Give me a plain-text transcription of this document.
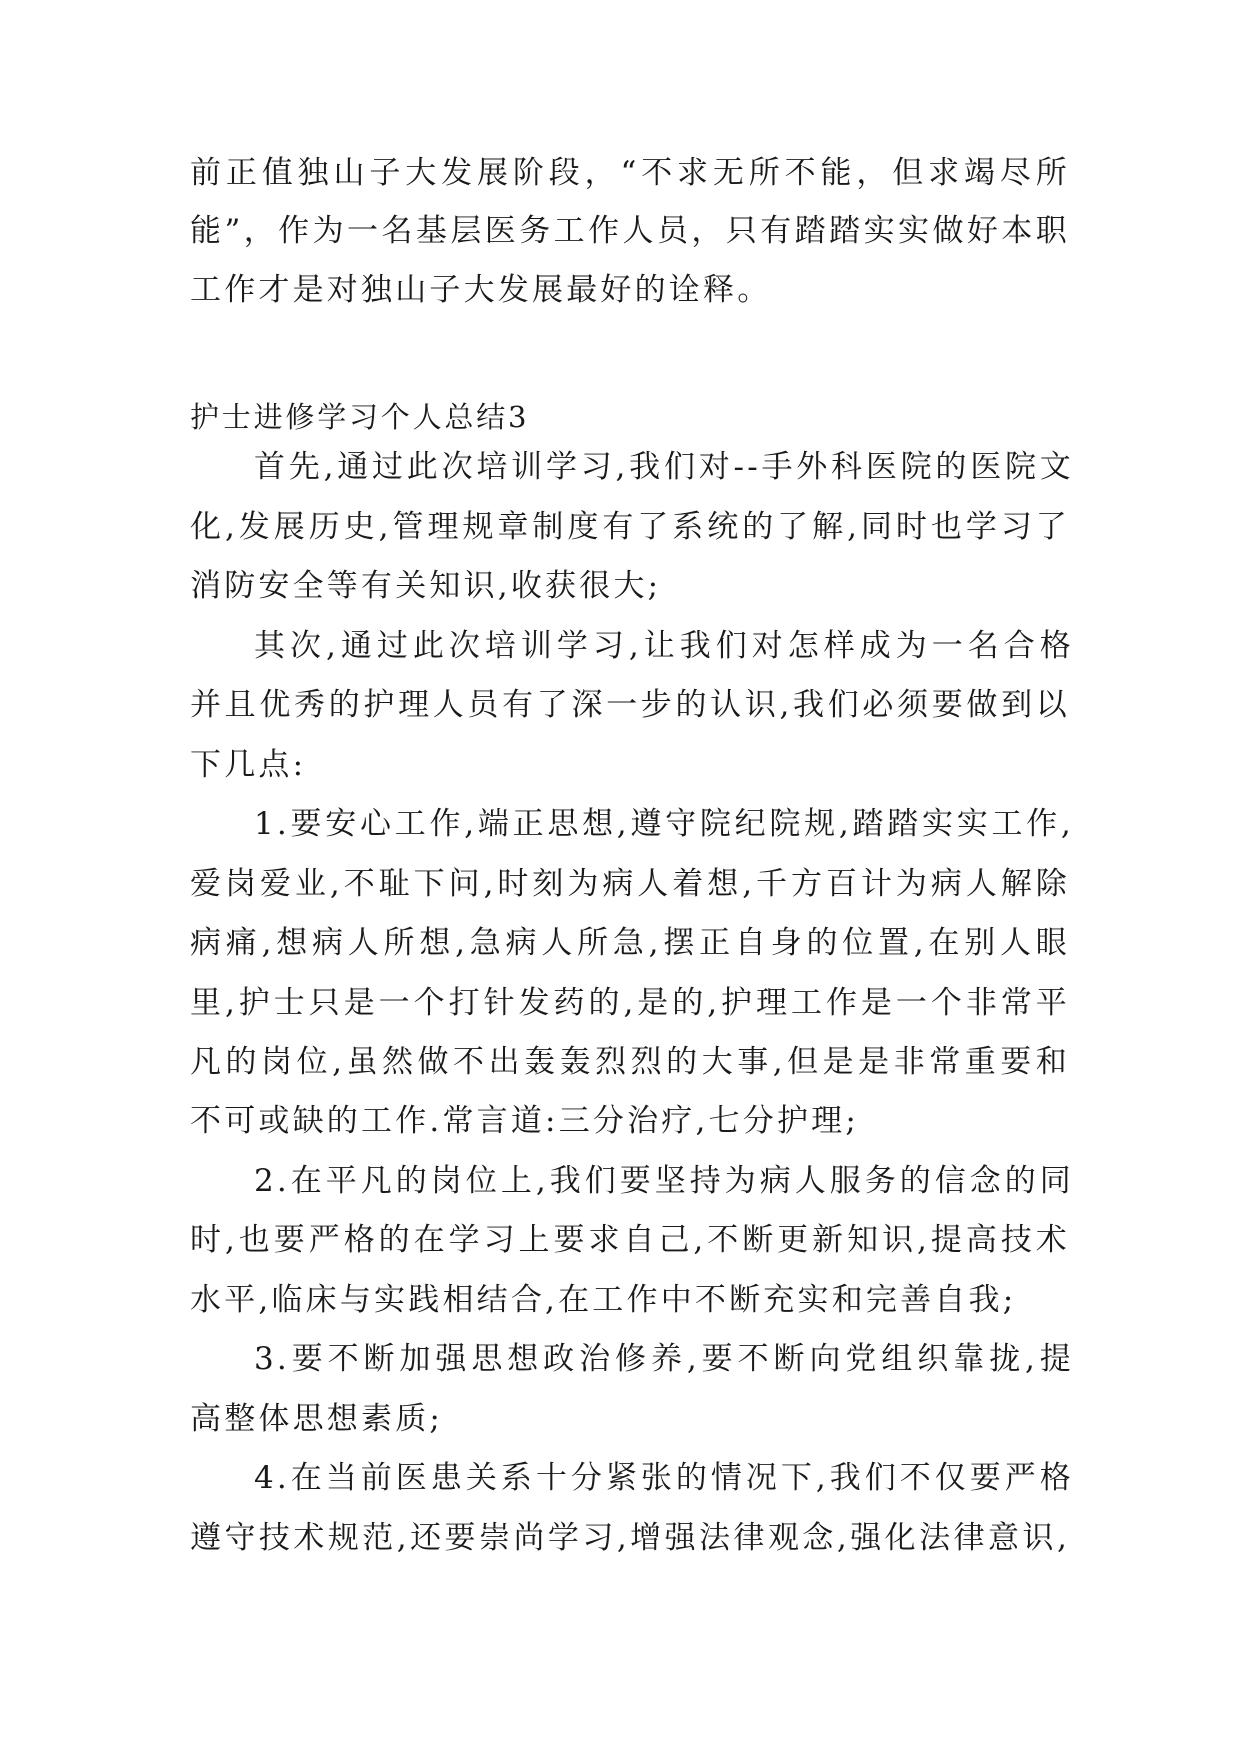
前正值独山子大发展阶段，“不求无所不能，但求竭尽所

能”，作为一名基层医务工作人员，只有踏踏实实做好本职

工作才是对独山子大发展最好的诠释。

护士进修学习个人总结3

首先,通过此次培训学习,我们对--手外科医院的医院文

化,发展历史,管理规章制度有了系统的了解,同时也学习了

消防安全等有关知识,收获很大;

其次,通过此次培训学习,让我们对怎样成为一名合格

并且优秀的护理人员有了深一步的认识,我们必须要做到以

下几点:

1.要安心工作,端正思想,遵守院纪院规,踏踏实实工作,

爱岗爱业,不耻下问,时刻为病人着想,千方百计为病人解除

病痛,想病人所想,急病人所急,摆正自身的位置,在别人眼

里,护士只是一个打针发药的,是的,护理工作是一个非常平

凡的岗位,虽然做不出轰轰烈烈的大事,但是是非常重要和

不可或缺的工作.常言道:三分治疗,七分护理;

2.在平凡的岗位上,我们要坚持为病人服务的信念的同

时,也要严格的在学习上要求自己,不断更新知识,提高技术

水平,临床与实践相结合,在工作中不断充实和完善自我;

3.要不断加强思想政治修养,要不断向党组织靠拢,提

高整体思想素质;

4.在当前医患关系十分紧张的情况下,我们不仅要严格

遵守技术规范,还要崇尚学习,增强法律观念,强化法律意识,
